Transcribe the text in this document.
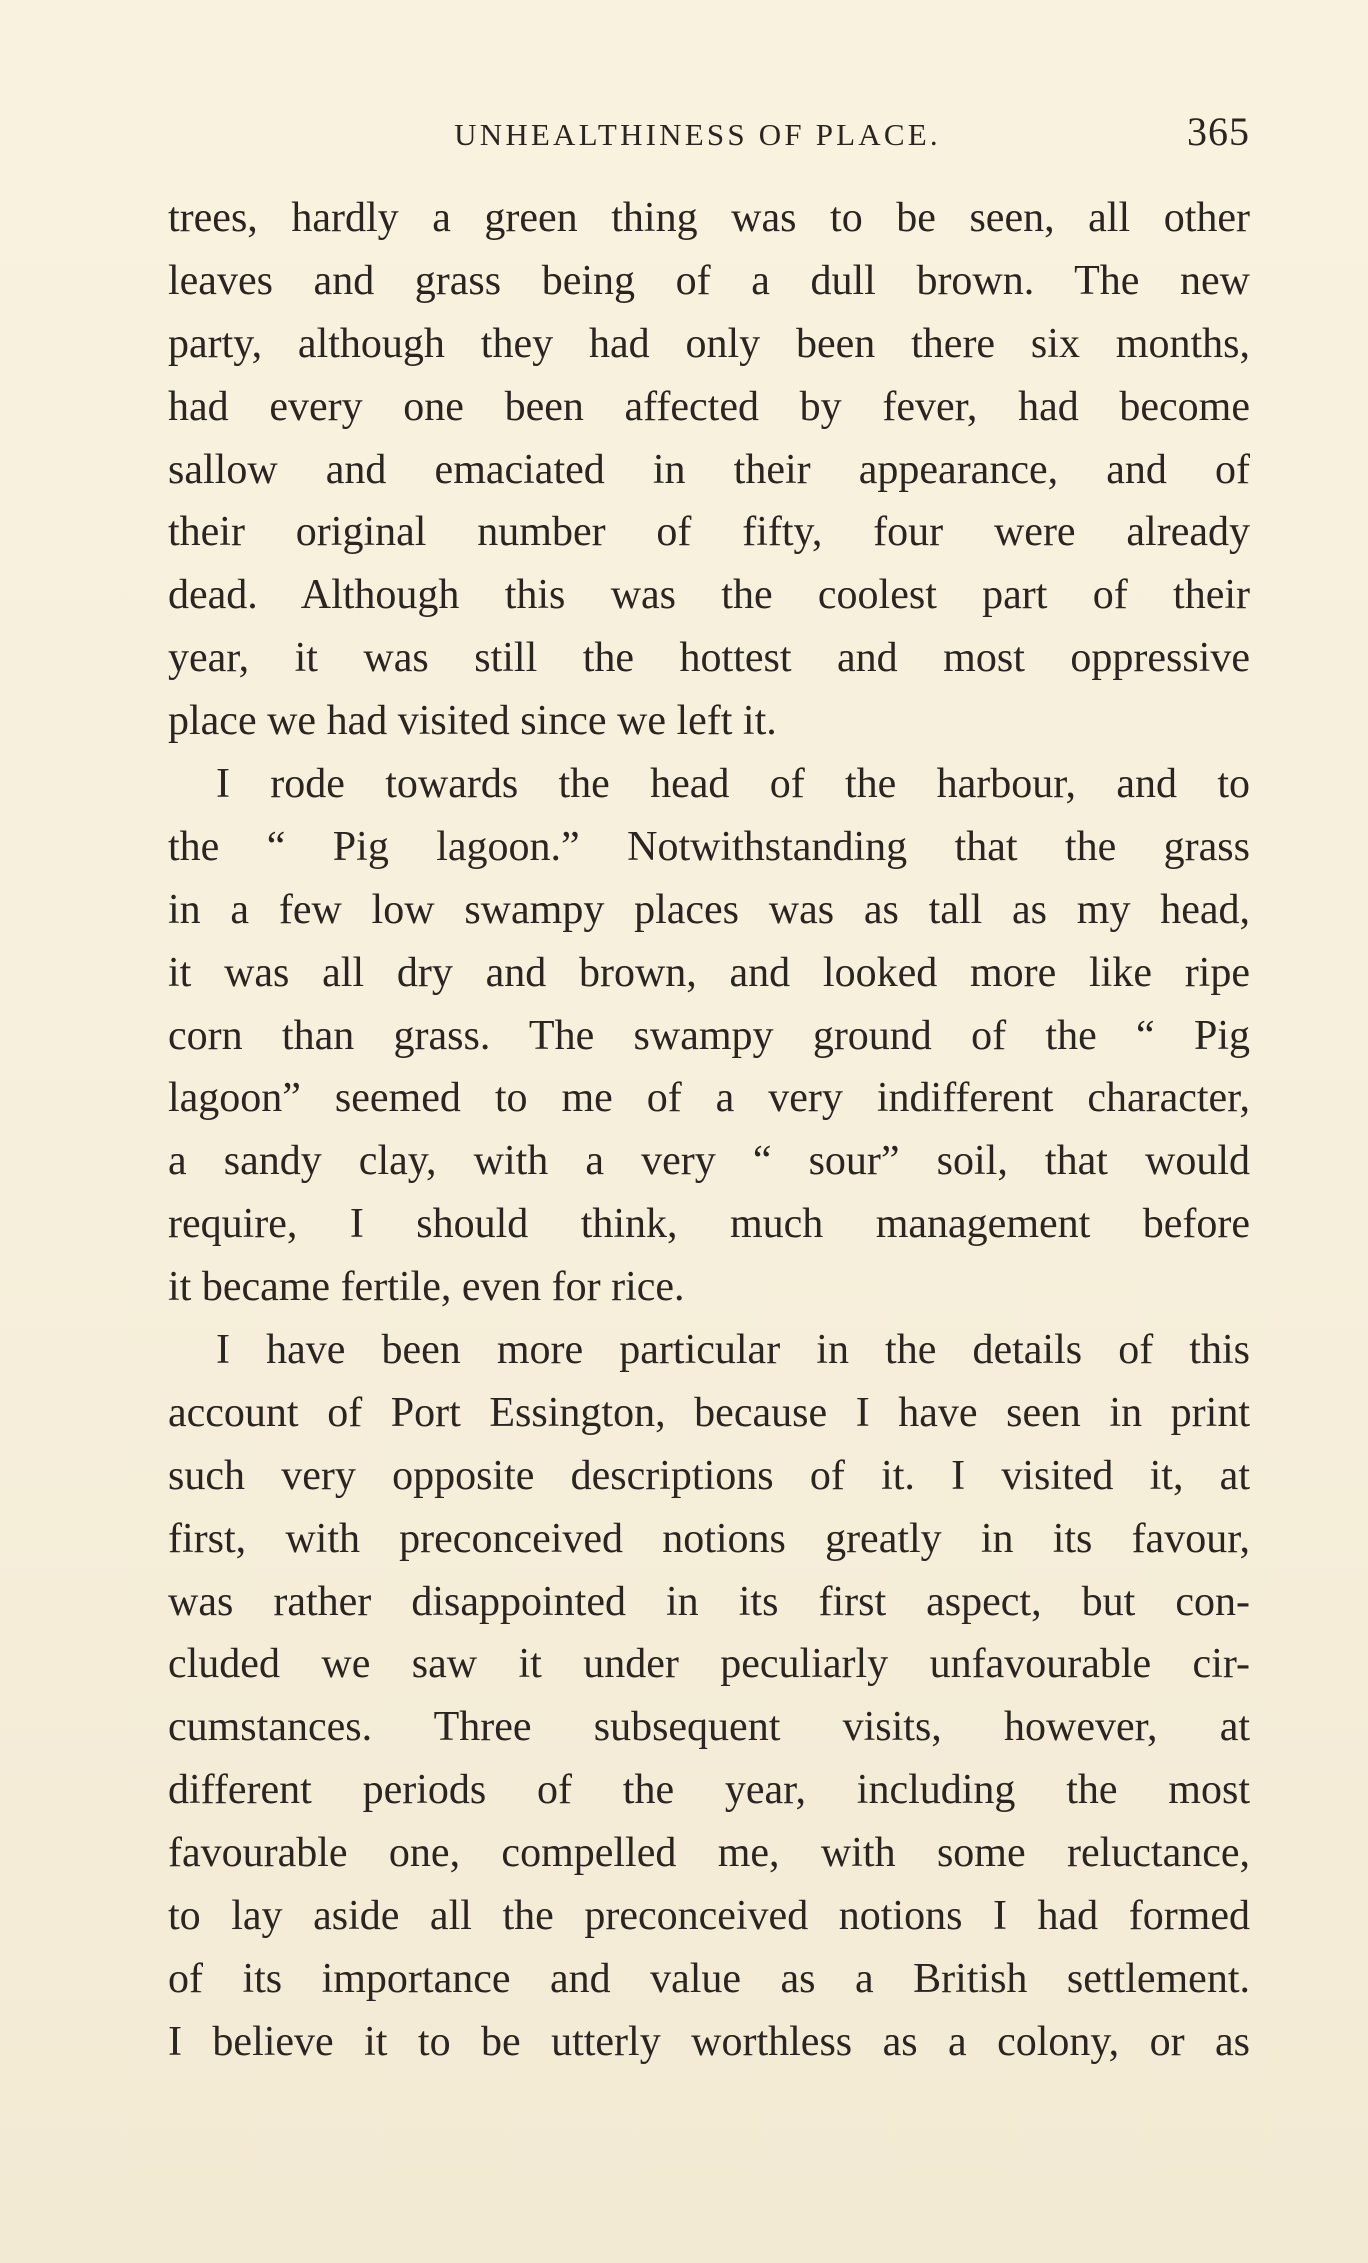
UNHEALTHINESS OF PLACE.	365
trees, hardly a green thing was to be seen, all other
leaves and grass being of a dull brown. The new
party, although they had only been there six months,
had every one been affected by fever, had become
sallow and emaciated in their appearance, and of
their original number of fifty, four were already
dead. Although this was the coolest part of their
year, it was still the hottest and most oppressive
place we had visited since we left it.
I rode towards the head of the harbour, and to
the “ Pig lagoon.” Notwithstanding that the grass
in a few low swampy places was as tall as my head,
it was all dry and brown, and looked more like ripe
corn than grass. The swampy ground of the “ Pig
lagoon” seemed to me of a very indifferent character,
a sandy clay, with a very “ sour” soil, that would
require, I should think, much management before
it became fertile, even for rice.
I have been more particular in the details of this
account of Port Essington, because I have seen in print
such very opposite descriptions of it. I visited it, at
first, with preconceived notions greatly in its favour,
was rather disappointed in its first aspect, but con-
cluded we saw it under peculiarly unfavourable cir-
cumstances. Three subsequent visits, however, at
different periods of the year, including the most
favourable one, compelled me, with some reluctance,
to lay aside all the preconceived notions I had formed
of its importance and value as a British settlement.
I believe it to be utterly worthless as a colony, or as
